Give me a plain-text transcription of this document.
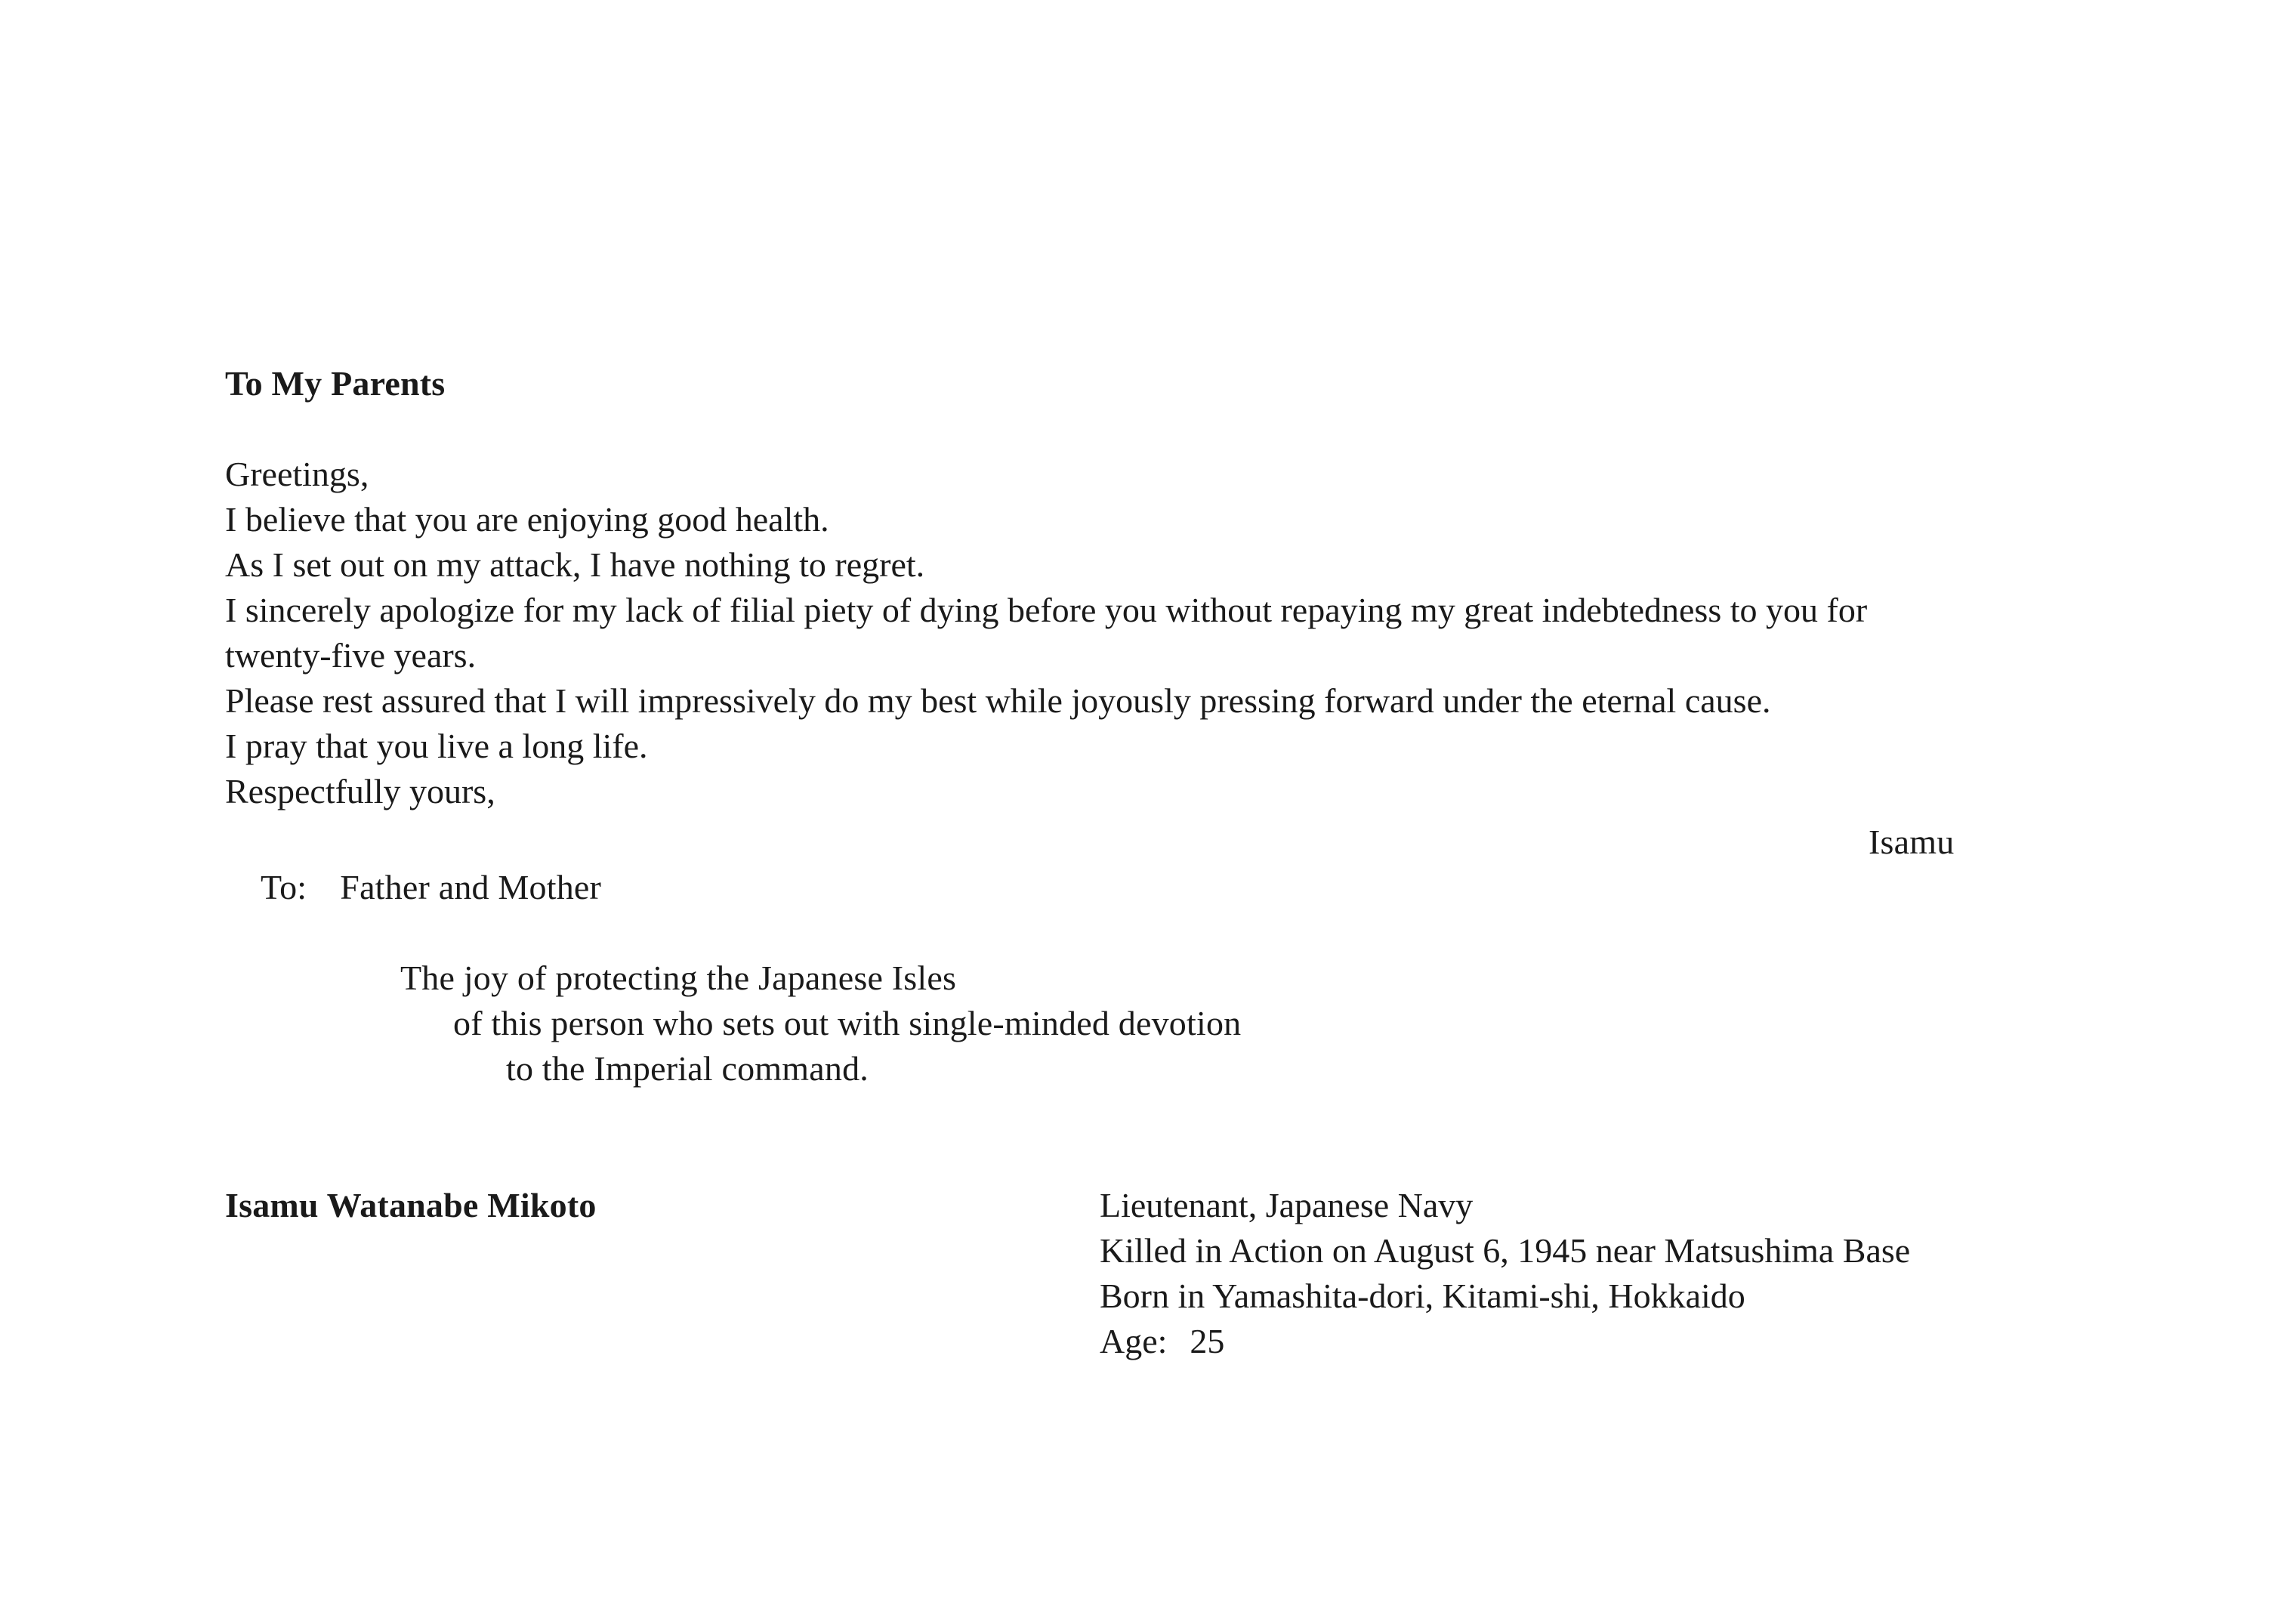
To My Parents
Greetings,
I believe that you are enjoying good health.
As I set out on my attack, I have nothing to regret.
I sincerely apologize for my lack of filial piety of dying before you without repaying my great indebtedness to you for
twenty-five years.
Please rest assured that I will impressively do my best while joyously pressing forward under the eternal cause.
I pray that you live a long life.
Respectfully yours,
Isamu
To: Father and Mother
The joy of protecting the Japanese Isles
of this person who sets out with single-minded devotion
to the Imperial command.
Isamu Watanabe Mikoto	Lieutenant, Japanese Navy
Killed in Action on August 6, 1945 near Matsushima Base
Born in Yamashita-dori, Kitami-shi, Hokkaido
Age: 25
